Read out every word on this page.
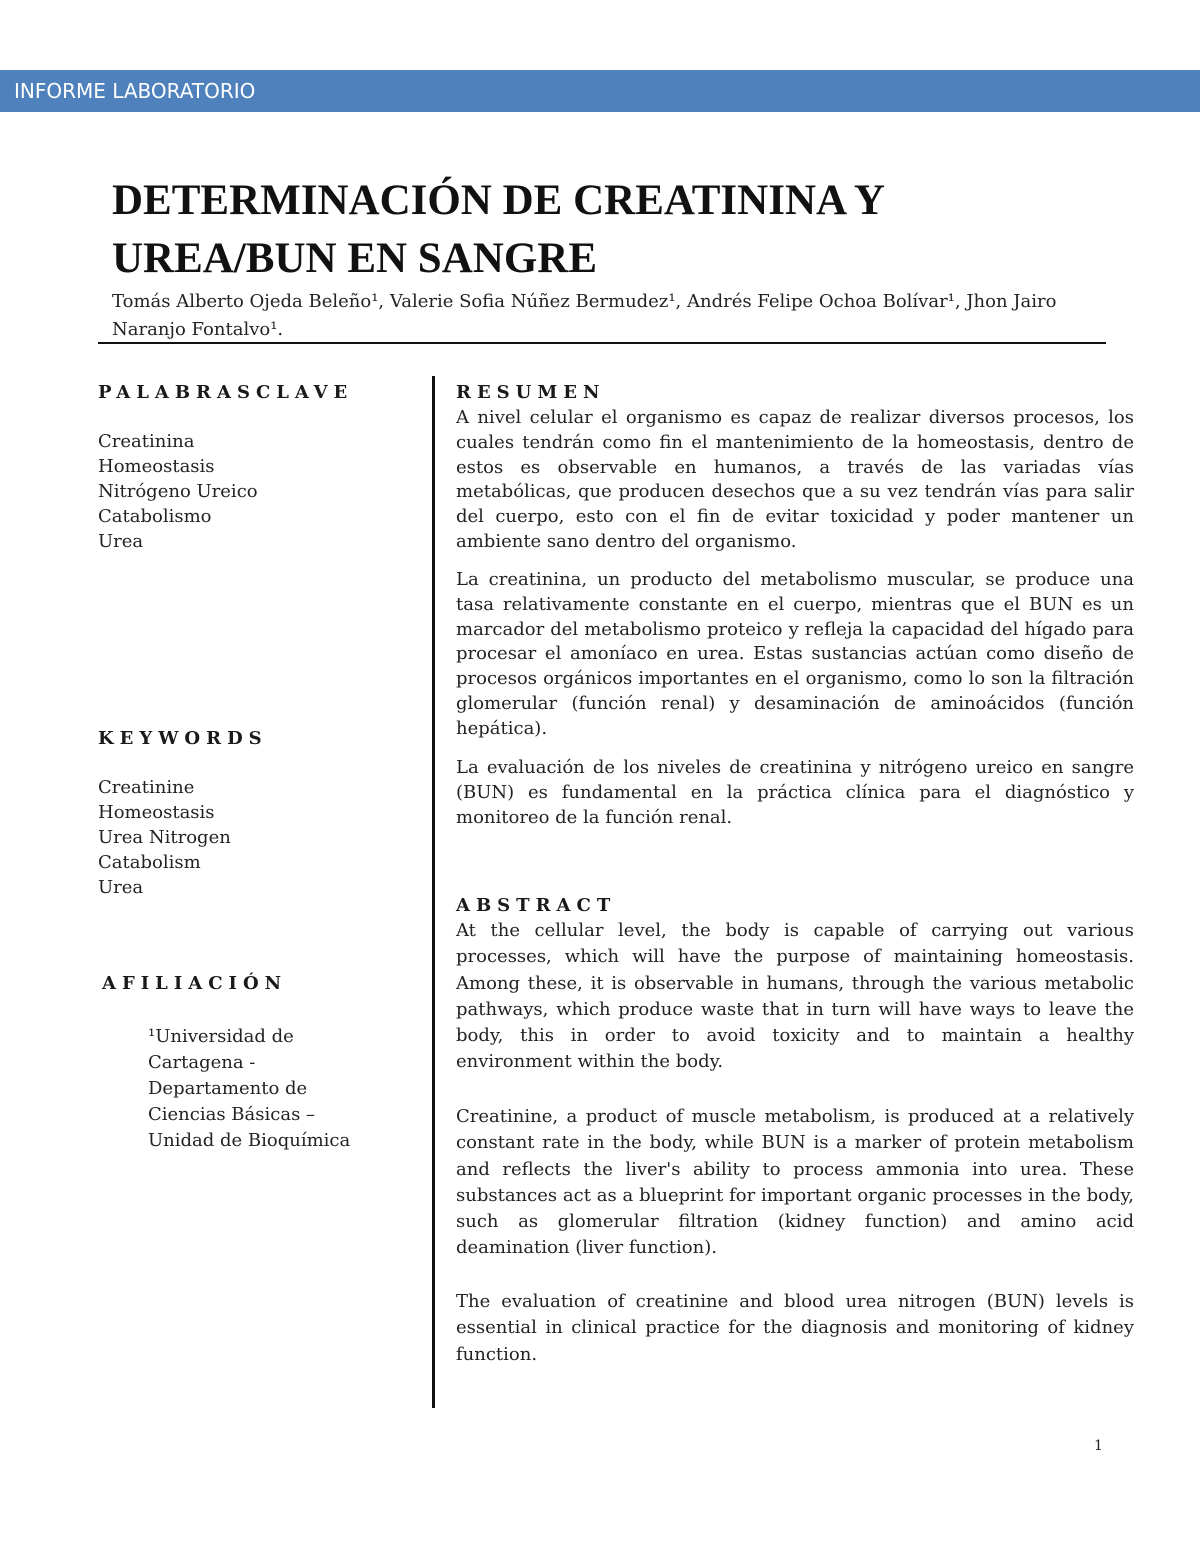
INFORME LABORATORIO
DETERMINACIÓN DE CREATININA Y
UREA/BUN EN SANGRE
Tomás Alberto Ojeda Beleño¹, Valerie Sofia Núñez Bermudez¹, Andrés Felipe Ochoa Bolívar¹, Jhon Jairo
Naranjo Fontalvo¹.
PALABRASCLAVE
Creatinina
Homeostasis
Nitrógeno Ureico
Catabolismo
Urea
KEYWORDS
Creatinine
Homeostasis
Urea Nitrogen
Catabolism
Urea
AFILIACIÓN
¹Universidad de
Cartagena -
Departamento de
Ciencias Básicas –
Unidad de Bioquímica
RESUMEN

A nivel celular el organismo es capaz de realizar diversos procesos, los cuales tendrán como fin el mantenimiento de la homeostasis, dentro de estos es observable en humanos, a través de las variadas vías metabólicas, que producen desechos que a su vez tendrán vías para salir del cuerpo, esto con el fin de evitar toxicidad y poder mantener un ambiente sano dentro del organismo.

La creatinina, un producto del metabolismo muscular, se produce una tasa relativamente constante en el cuerpo, mientras que el BUN es un marcador del metabolismo proteico y refleja la capacidad del hígado para procesar el amoníaco en urea. Estas sustancias actúan como diseño de procesos orgánicos importantes en el organismo, como lo son la filtración glomerular (función renal) y desaminación de aminoácidos (función hepática).

La evaluación de los niveles de creatinina y nitrógeno ureico en sangre (BUN) es fundamental en la práctica clínica para el diagnóstico y monitoreo de la función renal.

ABSTRACT

At the cellular level, the body is capable of carrying out various processes, which will have the purpose of maintaining homeostasis. Among these, it is observable in humans, through the various metabolic pathways, which produce waste that in turn will have ways to leave the body, this in order to avoid toxicity and to maintain a healthy environment within the body.

Creatinine, a product of muscle metabolism, is produced at a relatively constant rate in the body, while BUN is a marker of protein metabolism and reflects the liver's ability to process ammonia into urea. These substances act as a blueprint for important organic processes in the body, such as glomerular filtration (kidney function) and amino acid deamination (liver function).

The evaluation of creatinine and blood urea nitrogen (BUN) levels is essential in clinical practice for the diagnosis and monitoring of kidney function.

1
